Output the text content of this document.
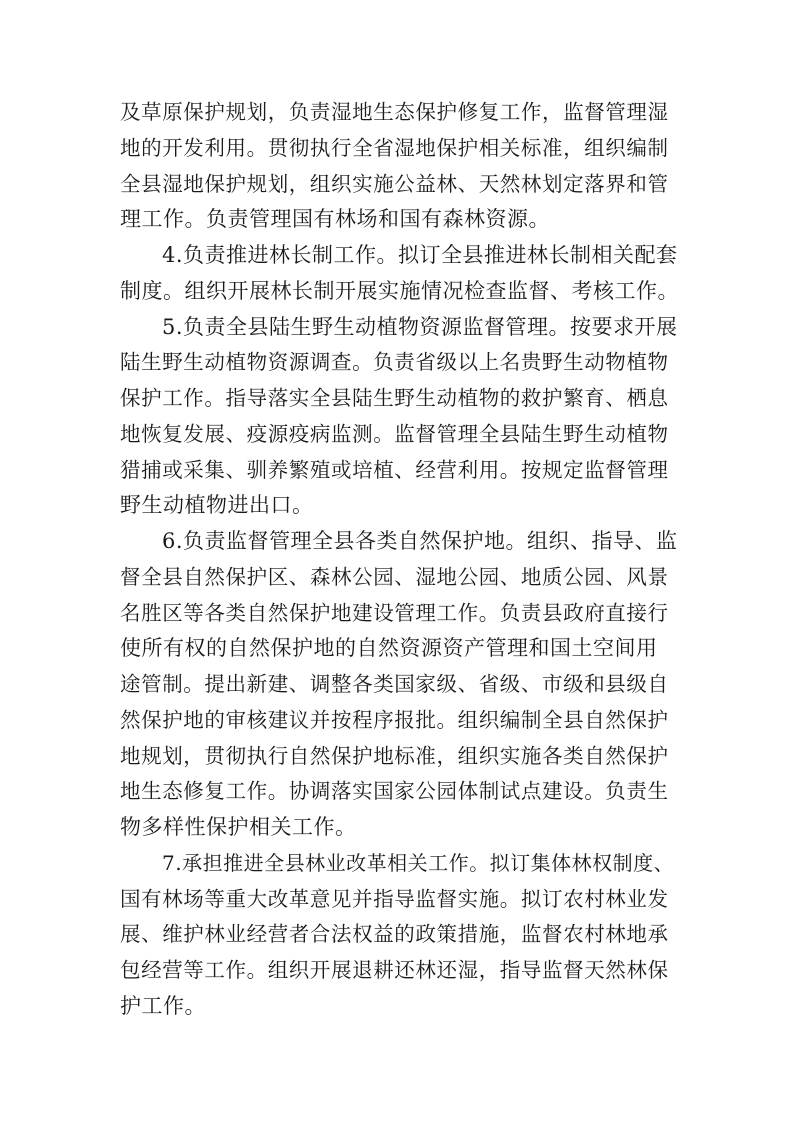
及草原保护规划，负责湿地生态保护修复工作，监督管理湿
地的开发利用。贯彻执行全省湿地保护相关标准，组织编制
全县湿地保护规划，组织实施公益林、天然林划定落界和管
理工作。负责管理国有林场和国有森林资源。
4.负责推进林长制工作。拟订全县推进林长制相关配套
制度。组织开展林长制开展实施情况检查监督、考核工作。
5.负责全县陆生野生动植物资源监督管理。按要求开展
陆生野生动植物资源调查。负责省级以上名贵野生动物植物
保护工作。指导落实全县陆生野生动植物的救护繁育、栖息
地恢复发展、疫源疫病监测。监督管理全县陆生野生动植物
猎捕或采集、驯养繁殖或培植、经营利用。按规定监督管理
野生动植物进出口。
6.负责监督管理全县各类自然保护地。组织、指导、监
督全县自然保护区、森林公园、湿地公园、地质公园、风景
名胜区等各类自然保护地建设管理工作。负责县政府直接行
使所有权的自然保护地的自然资源资产管理和国土空间用
途管制。提出新建、调整各类国家级、省级、市级和县级自
然保护地的审核建议并按程序报批。组织编制全县自然保护
地规划，贯彻执行自然保护地标准，组织实施各类自然保护
地生态修复工作。协调落实国家公园体制试点建设。负责生
物多样性保护相关工作。
7.承担推进全县林业改革相关工作。拟订集体林权制度、
国有林场等重大改革意见并指导监督实施。拟订农村林业发
展、维护林业经营者合法权益的政策措施，监督农村林地承
包经营等工作。组织开展退耕还林还湿，指导监督天然林保
护工作。
